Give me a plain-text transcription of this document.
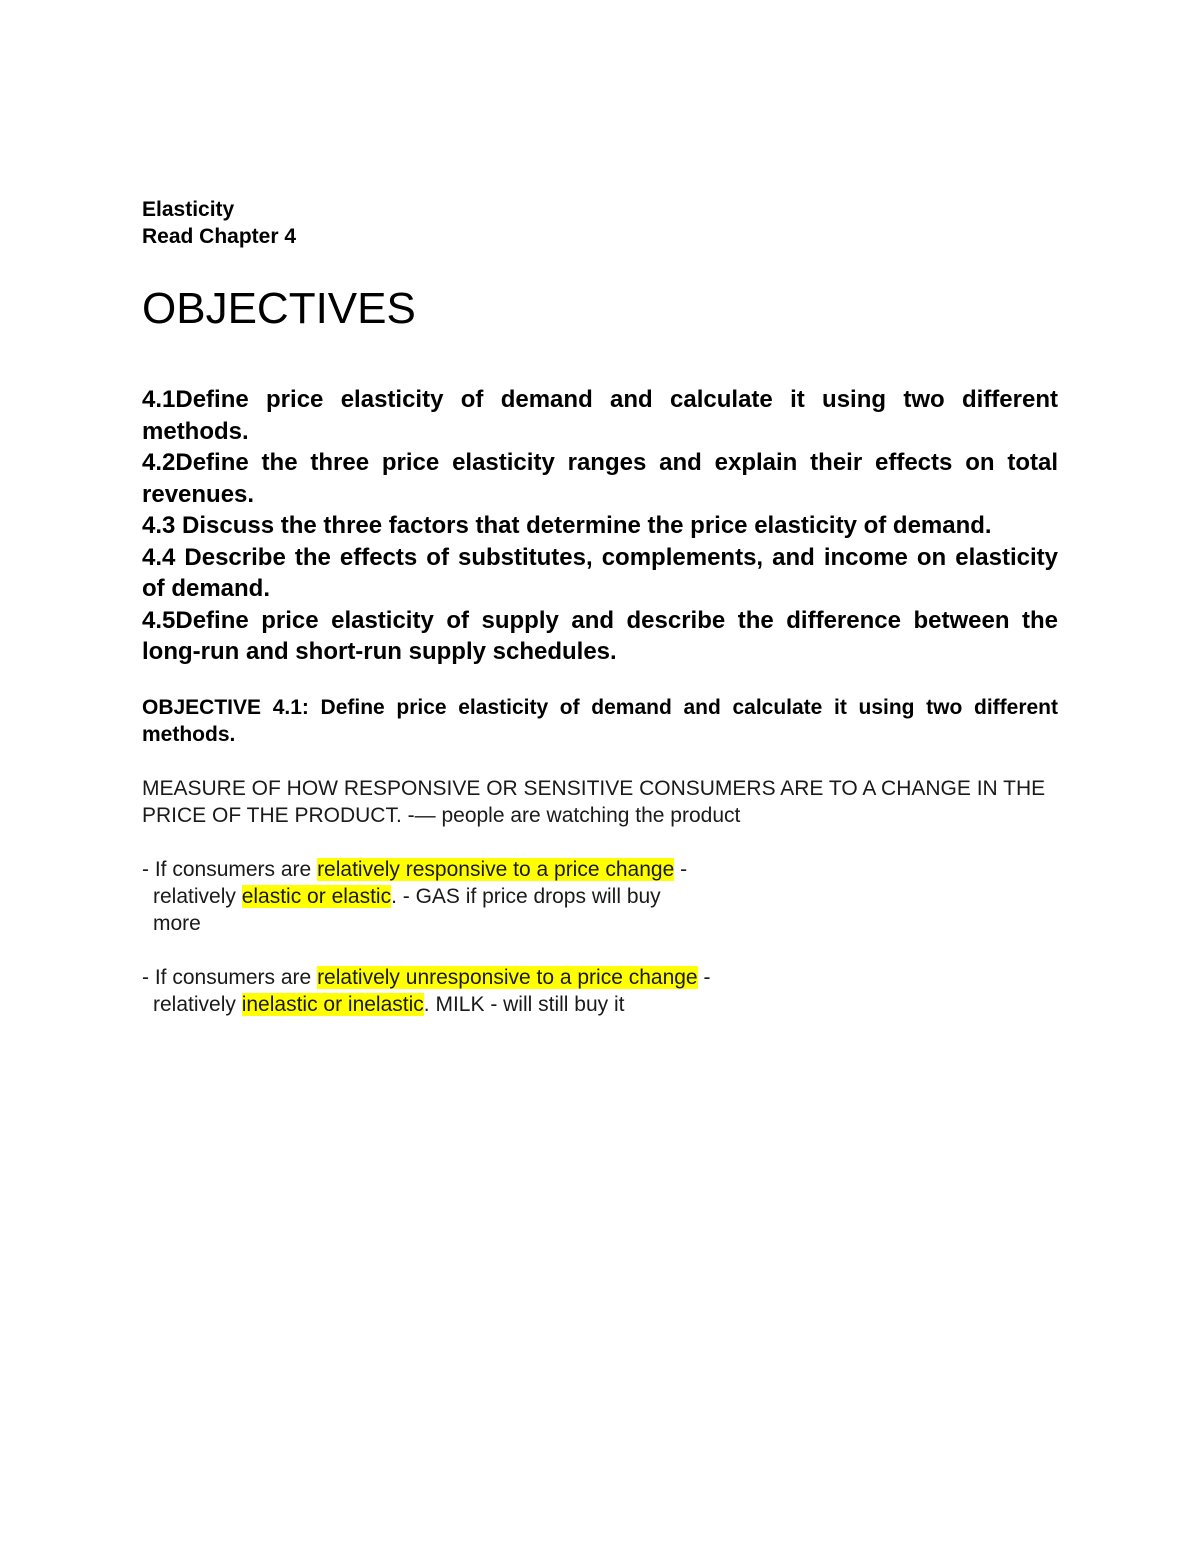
Elasticity

Read Chapter 4

OBJECTIVES
4.1Define price elasticity of demand and calculate it using two different methods.
4.2Define the three price elasticity ranges and explain their effects on total revenues.
4.3 Discuss the three factors that determine the price elasticity of demand.
4.4 Describe the effects of substitutes, complements, and income on elasticity of demand.
4.5Define price elasticity of supply and describe the difference between the long-run and short-run supply schedules.

OBJECTIVE 4.1: Define price elasticity of demand and calculate it using two different methods.

MEASURE OF HOW RESPONSIVE OR SENSITIVE CONSUMERS ARE TO A CHANGE IN THE PRICE OF THE PRODUCT. -— people are watching the product

- If consumers are relatively responsive to a price change -
relatively elastic or elastic. - GAS if price drops will buy
more
- If consumers are relatively unresponsive to a price change -
relatively inelastic or inelastic. MILK - will still buy it
